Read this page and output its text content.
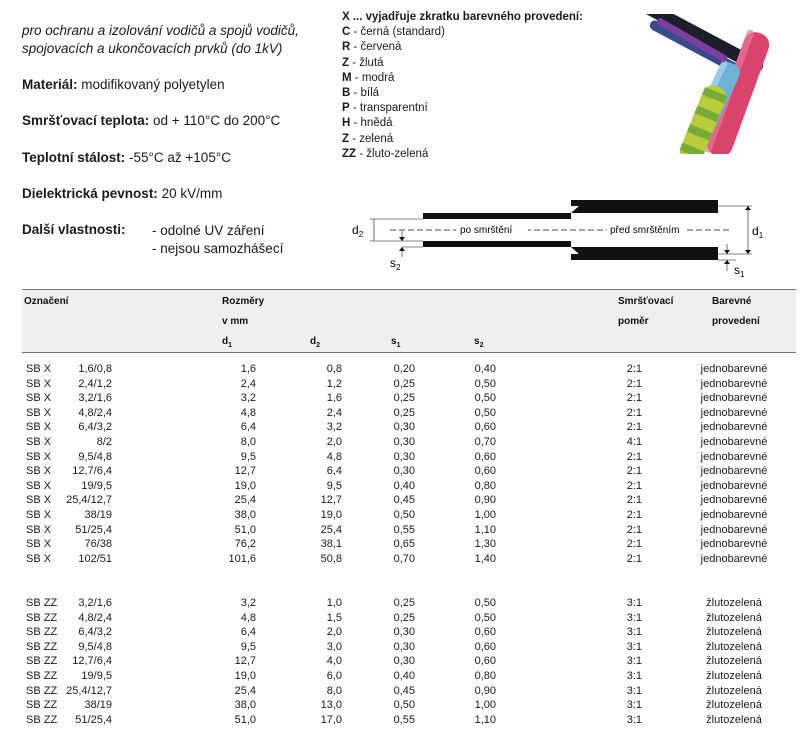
pro ochranu a izolování vodičů a spojů vodičů, spojovacích a ukončovacích prvků (do 1kV)
Materiál: modifikovaný polyetylen
Smršťovací teplota: od + 110°C do 200°C
Teplotní stálost: -55°C až +105°C
Dielektrická pevnost: 20 kV/mm
Další vlastnosti: - odolné UV záření
- nejsou samozhášecí
X ... vyjadřuje zkratku barevného provedení:
C - černá (standard)
R - červená
Z - žlutá
M - modrá
B - bílá
P - transparentní
H - hnědá
Z - zelená
ZZ - žluto-zelená
po smrštění	před smrštěním
$d_2$
$s_2$
$d_1$
$s_1$
Označení	Rozměry
v mm
$d_1$	$d_2$	$s_1$	$s_2$
Smršťovací
poměr
Barevné
provedení
SB X	1,6/0,8	1,6	0,8	0,20	0,40	2:1	jednobarevné
SB X	2,4/1,2	2,4	1,2	0,25	0,50	2:1	jednobarevné
SB X	3,2/1,6	3,2	1,6	0,25	0,50	2:1	jednobarevné
SB X	4,8/2,4	4,8	2,4	0,25	0,50	2:1	jednobarevné
SB X	6,4/3,2	6,4	3,2	0,30	0,60	2:1	jednobarevné
SB X	8/2	8,0	2,0	0,30	0,70	4:1	jednobarevné
SB X	9,5/4,8	9,5	4,8	0,30	0,60	2:1	jednobarevné
SB X	12,7/6,4	12,7	6,4	0,30	0,60	2:1	jednobarevné
SB X	19/9,5	19,0	9,5	0,40	0,80	2:1	jednobarevné
SB X	25,4/12,7	25,4	12,7	0,45	0,90	2:1	jednobarevné
SB X	38/19	38,0	19,0	0,50	1,00	2:1	jednobarevné
SB X	51/25,4	51,0	25,4	0,55	1,10	2:1	jednobarevné
SB X	76/38	76,2	38,1	0,65	1,30	2:1	jednobarevné
SB X	102/51	101,6	50,8	0,70	1,40	2:1	jednobarevné
SB ZZ	3,2/1,6	3,2	1,0	0,25	0,50	3:1	žlutozelená
SB ZZ	4,8/2,4	4,8	1,5	0,25	0,50	3:1	žlutozelená
SB ZZ	6,4/3,2	6,4	2,0	0,30	0,60	3:1	žlutozelená
SB ZZ	9,5/4,8	9,5	3,0	0,30	0,60	3:1	žlutozelená
SB ZZ	12,7/6,4	12,7	4,0	0,30	0,60	3:1	žlutozelená
SB ZZ	19/9,5	19,0	6,0	0,40	0,80	3:1	žlutozelená
SB ZZ 25,4/12,7	25,4	8,0	0,45	0,90	3:1	žlutozelená
SB ZZ	38/19	38,0	13,0	0,50	1,00	3:1	žlutozelená
SB ZZ	51/25,4	51,0	17,0	0,55	1,10	3:1	žlutozelená
